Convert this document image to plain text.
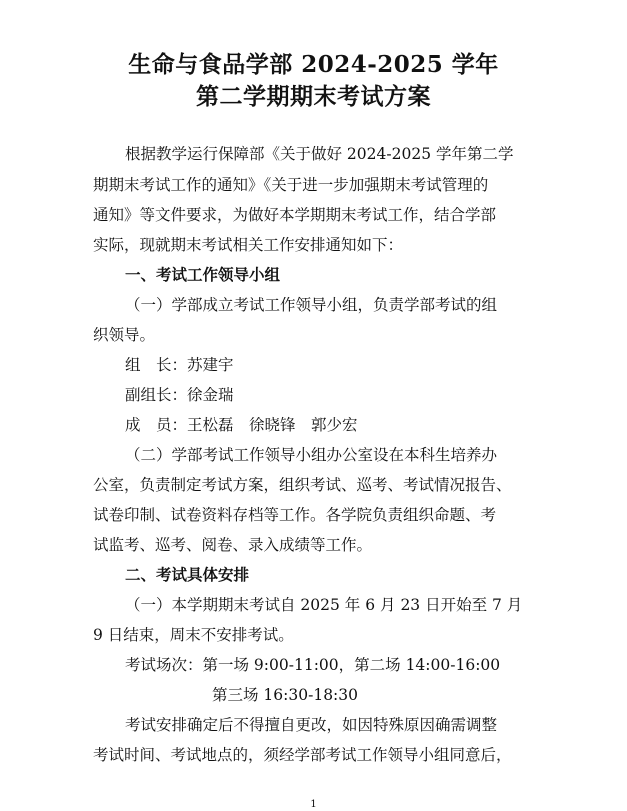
生命与食品学部 2024-2025 学年
第二学期期末考试方案
根据教学运行保障部《关于做好 2024-2025 学年第二学
期期末考试工作的通知》《关于进一步加强期末考试管理的
通知》等文件要求，为做好本学期期末考试工作，结合学部
实际，现就期末考试相关工作安排通知如下：
一、考试工作领导小组
（一）学部成立考试工作领导小组，负责学部考试的组
织领导。
组　长：苏建宇
副组长：徐金瑞
成　员：王松磊　徐晓锋　郭少宏
（二）学部考试工作领导小组办公室设在本科生培养办
公室，负责制定考试方案，组织考试、巡考、考试情况报告、
试卷印制、试卷资料存档等工作。各学院负责组织命题、考
试监考、巡考、阅卷、录入成绩等工作。
二、考试具体安排
（一）本学期期末考试自 2025 年 6 月 23 日开始至 7 月
9 日结束，周末不安排考试。
考试场次：第一场 9:00-11:00，第二场 14:00-16:00
第三场 16:30-18:30
考试安排确定后不得擅自更改，如因特殊原因确需调整
考试时间、考试地点的，须经学部考试工作领导小组同意后，
1
